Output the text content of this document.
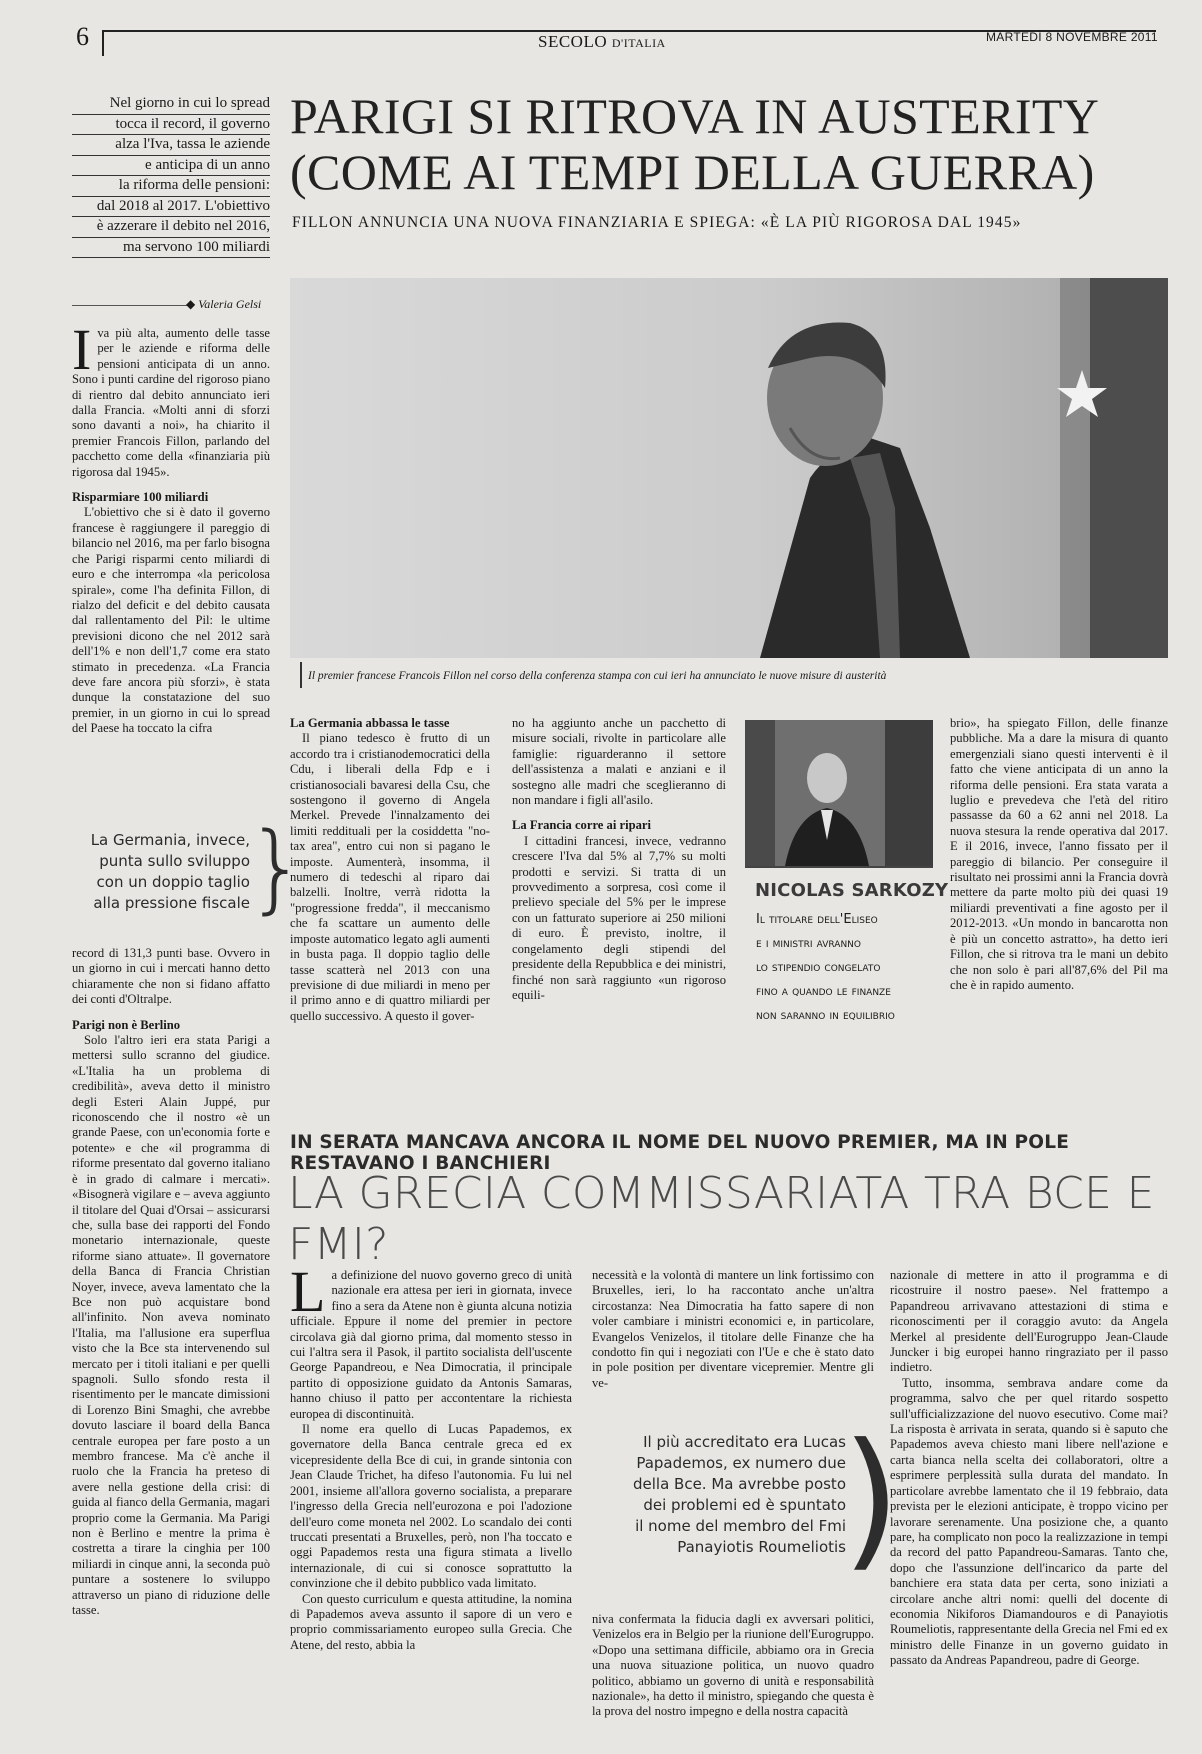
6	SECOLO D'ITALIA	MARTEDÌ 8 NOVEMBRE 2011
Nel giorno in cui lo spread
tocca il record, il governo
alza l'Iva, tassa le aziende
e anticipa di un anno
la riforma delle pensioni:
dal 2018 al 2017. L'obiettivo
è azzerare il debito nel 2016,
ma servono 100 miliardi
PARIGI SI RITROVA IN AUSTERITY
(COME AI TEMPI DELLA GUERRA)
FILLON ANNUNCIA UNA NUOVA FINANZIARIA E SPIEGA: «È LA PIÙ RIGOROSA DAL 1945»
◆ Valeria Gelsi
Il premier francese Francois Fillon nel corso della conferenza stampa con cui ieri ha annunciato le nuove misure di austerità

Iva più alta, aumento delle tasse per le aziende e riforma delle pensioni anticipata di un anno. Sono i punti cardine del rigoroso piano di rientro dal debito annunciato ieri dalla Francia. «Molti anni di sforzi sono davanti a noi», ha chiarito il premier Francois Fillon, parlando del pacchetto come della «finanziaria più rigorosa dal 1945».

Risparmiare 100 miliardi

L'obiettivo che si è dato il governo francese è raggiungere il pareggio di bilancio nel 2016, ma per farlo bisogna che Parigi risparmi cento miliardi di euro e che interrompa «la pericolosa spirale», come l'ha definita Fillon, di rialzo del deficit e del debito causata dal rallentamento del Pil: le ultime previsioni dicono che nel 2012 sarà dell'1% e non dell'1,7 come era stato stimato in precedenza. «La Francia deve fare ancora più sforzi», è stata dunque la constatazione del suo premier, in un giorno in cui lo spread del Paese ha toccato la cifra

La Germania, invece,
punta sullo sviluppo
con un doppio taglio
alla pressione fiscale
}

record di 131,3 punti base. Ovvero in un giorno in cui i mercati hanno detto chiaramente che non si fidano affatto dei conti d'Oltralpe.

Parigi non è Berlino

Solo l'altro ieri era stata Parigi a mettersi sullo scranno del giudice. «L'Italia ha un problema di credibilità», aveva detto il ministro degli Esteri Alain Juppé, pur riconoscendo che il nostro «è un grande Paese, con un'economia forte e potente» e che «il programma di riforme presentato dal governo italiano è in grado di calmare i mercati». «Bisognerà vigilare e – aveva aggiunto il titolare del Quai d'Orsai – assicurarsi che, sulla base dei rapporti del Fondo monetario internazionale, queste riforme siano attuate». Il governatore della Banca di Francia Christian Noyer, invece, aveva lamentato che la Bce non può acquistare bond all'infinito. Non aveva nominato l'Italia, ma l'allusione era superflua visto che la Bce sta intervenendo sul mercato per i titoli italiani e per quelli spagnoli. Sullo sfondo resta il risentimento per le mancate dimissioni di Lorenzo Bini Smaghi, che avrebbe dovuto lasciare il board della Banca centrale europea per fare posto a un membro francese. Ma c'è anche il ruolo che la Francia ha preteso di avere nella gestione della crisi: di guida al fianco della Germania, magari proprio come la Germania. Ma Parigi non è Berlino e mentre la prima è costretta a tirare la cinghia per 100 miliardi in cinque anni, la seconda può puntare a sostenere lo sviluppo attraverso un piano di riduzione delle tasse.

La Germania abbassa le tasse

Il piano tedesco è frutto di un accordo tra i cristianodemocratici della Cdu, i liberali della Fdp e i cristianosociali bavaresi della Csu, che sostengono il governo di Angela Merkel. Prevede l'innalzamento dei limiti reddituali per la cosiddetta "no-tax area", entro cui non si pagano le imposte. Aumenterà, insomma, il numero di tedeschi al riparo dai balzelli. Inoltre, verrà ridotta la "progressione fredda", il meccanismo che fa scattare un aumento delle imposte automatico legato agli aumenti in busta paga. Il doppio taglio delle tasse scatterà nel 2013 con una previsione di due miliardi in meno per il primo anno e di quattro miliardi per quello successivo. A questo il gover-

no ha aggiunto anche un pacchetto di misure sociali, rivolte in particolare alle famiglie: riguarderanno il settore dell'assistenza a malati e anziani e il sostegno alle madri che sceglieranno di non mandare i figli all'asilo.

La Francia corre ai ripari

I cittadini francesi, invece, vedranno crescere l'Iva dal 5% al 7,7% su molti prodotti e servizi. Si tratta di un provvedimento a sorpresa, così come il prelievo speciale del 5% per le imprese con un fatturato superiore ai 250 milioni di euro. È previsto, inoltre, il congelamento degli stipendi del presidente della Repubblica e dei ministri, finché non sarà raggiunto «un rigoroso equili-

NICOLAS SARKOZY
Il titolare dell'Eliseo
e i ministri avranno
lo stipendio congelato
fino a quando le finanze
non saranno in equilibrio

brio», ha spiegato Fillon, delle finanze pubbliche. Ma a dare la misura di quanto emergenziali siano questi interventi è il fatto che viene anticipata di un anno la riforma delle pensioni. Era stata varata a luglio e prevedeva che l'età del ritiro passasse da 60 a 62 anni nel 2018. La nuova stesura la rende operativa dal 2017. E il 2016, invece, l'anno fissato per il pareggio di bilancio. Per conseguire il risultato nei prossimi anni la Francia dovrà mettere da parte molto più dei quasi 19 miliardi preventivati a fine agosto per il 2012-2013. «Un mondo in bancarotta non è più un concetto astratto», ha detto ieri Fillon, che si ritrova tra le mani un debito che non solo è pari all'87,6% del Pil ma che è in rapido aumento.

IN SERATA MANCAVA ANCORA IL NOME DEL NUOVO PREMIER, MA IN POLE RESTAVANO I BANCHIERI
LA GRECIA COMMISSARIATA TRA BCE E FMI?

La definizione del nuovo governo greco di unità nazionale era attesa per ieri in giornata, invece fino a sera da Atene non è giunta alcuna notizia ufficiale. Eppure il nome del premier in pectore circolava già dal giorno prima, dal momento stesso in cui l'altra sera il Pasok, il partito socialista dell'uscente George Papandreou, e Nea Dimocratia, il principale partito di opposizione guidato da Antonis Samaras, hanno chiuso il patto per accontentare la richiesta europea di discontinuità.

Il nome era quello di Lucas Papademos, ex governatore della Banca centrale greca ed ex vicepresidente della Bce di cui, in grande sintonia con Jean Claude Trichet, ha difeso l'autonomia. Fu lui nel 2001, insieme all'allora governo socialista, a preparare l'ingresso della Grecia nell'eurozona e poi l'adozione dell'euro come moneta nel 2002. Lo scandalo dei conti truccati presentati a Bruxelles, però, non l'ha toccato e oggi Papademos resta una figura stimata a livello internazionale, di cui si conosce soprattutto la convinzione che il debito pubblico vada limitato.

Con questo curriculum e questa attitudine, la nomina di Papademos aveva assunto il sapore di un vero e proprio commissariamento europeo sulla Grecia. Che Atene, del resto, abbia la

necessità e la volontà di mantere un link fortissimo con Bruxelles, ieri, lo ha raccontato anche un'altra circostanza: Nea Dimocratia ha fatto sapere di non voler cambiare i ministri economici e, in particolare, Evangelos Venizelos, il titolare delle Finanze che ha condotto fin qui i negoziati con l'Ue e che è stato dato in pole position per diventare vicepremier. Mentre gli ve-

Il più accreditato era Lucas
Papademos, ex numero due
della Bce. Ma avrebbe posto
dei problemi ed è spuntato
il nome del membro del Fmi
Panayiotis Roumeliotis
)

niva confermata la fiducia dagli ex avversari politici, Venizelos era in Belgio per la riunione dell'Eurogruppo. «Dopo una settimana difficile, abbiamo ora in Grecia una nuova situazione politica, un nuovo quadro politico, abbiamo un governo di unità e responsabilità nazionale», ha detto il ministro, spiegando che questa è la prova del nostro impegno e della nostra capacità

nazionale di mettere in atto il programma e di ricostruire il nostro paese». Nel frattempo a Papandreou arrivavano attestazioni di stima e riconoscimenti per il coraggio avuto: da Angela Merkel al presidente dell'Eurogruppo Jean-Claude Juncker i big europei hanno ringraziato per il passo indietro.

Tutto, insomma, sembrava andare come da programma, salvo che per quel ritardo sospetto sull'ufficializzazione del nuovo esecutivo. Come mai? La risposta è arrivata in serata, quando si è saputo che Papademos aveva chiesto mani libere nell'azione e carta bianca nella scelta dei collaboratori, oltre a esprimere perplessità sulla durata del mandato. In particolare avrebbe lamentato che il 19 febbraio, data prevista per le elezioni anticipate, è troppo vicino per lavorare serenamente. Una posizione che, a quanto pare, ha complicato non poco la realizzazione in tempi da record del patto Papandreou-Samaras. Tanto che, dopo che l'assunzione dell'incarico da parte del banchiere era stata data per certa, sono iniziati a circolare anche altri nomi: quelli del docente di economia Nikiforos Diamandouros e di Panayiotis Roumeliotis, rappresentante della Grecia nel Fmi ed ex ministro delle Finanze in un governo guidato in passato da Andreas Papandreou, padre di George.
